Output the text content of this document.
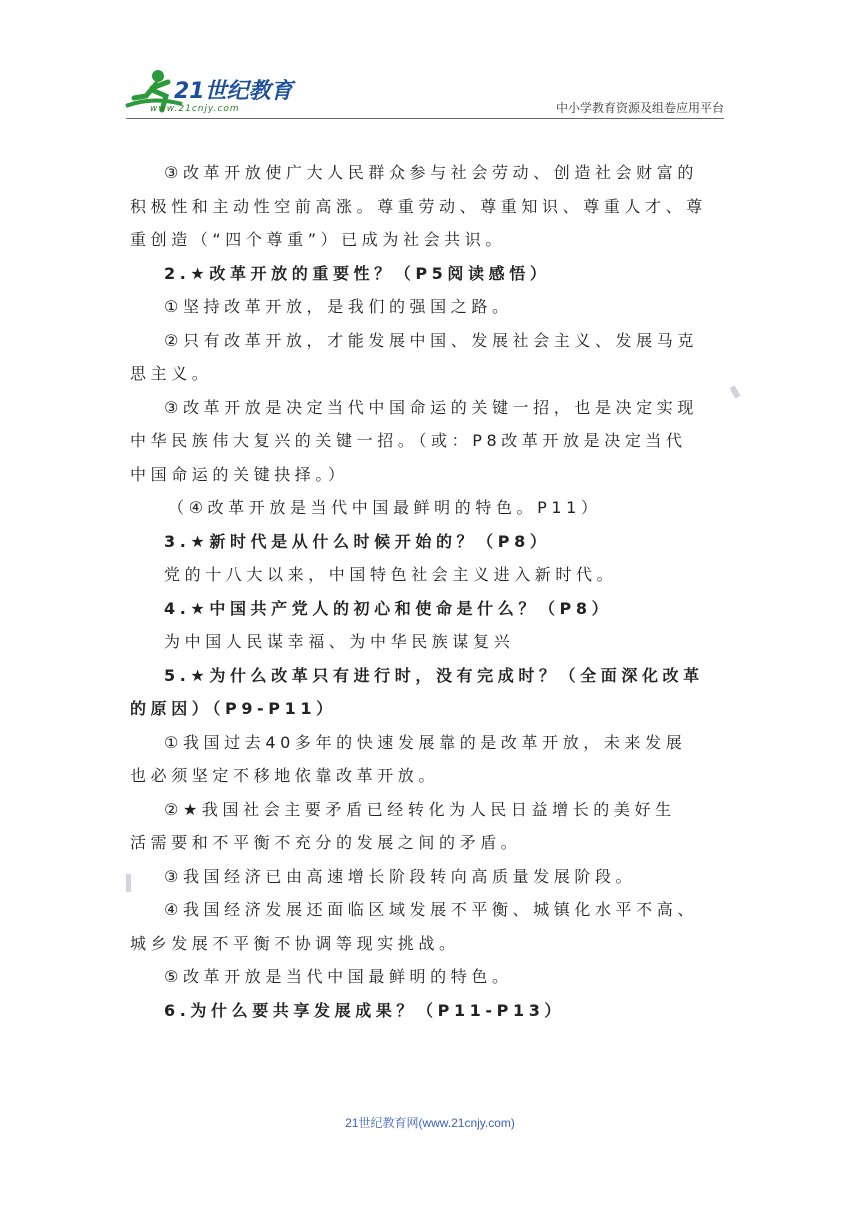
21世纪教育
www.21cnjy.com	中小学教育资源及组卷应用平台
③改革开放使广大人民群众参与社会劳动、创造社会财富的
积极性和主动性空前高涨。尊重劳动、尊重知识、尊重人才、尊
重创造（“四个尊重”）已成为社会共识。
2.★改革开放的重要性？（P5阅读感悟）
①坚持改革开放，是我们的强国之路。
②只有改革开放，才能发展中国、发展社会主义、发展马克
思主义。
③改革开放是决定当代中国命运的关键一招，也是决定实现
中华民族伟大复兴的关键一招。（或：P8改革开放是决定当代
中国命运的关键抉择。）
（④改革开放是当代中国最鲜明的特色。P11）
3.★新时代是从什么时候开始的？（P8）
党的十八大以来，中国特色社会主义进入新时代。
4.★中国共产党人的初心和使命是什么？（P8）
为中国人民谋幸福、为中华民族谋复兴
5.★为什么改革只有进行时，没有完成时？（全面深化改革
的原因）（P9-P11）
①我国过去40多年的快速发展靠的是改革开放，未来发展
也必须坚定不移地依靠改革开放。
②★我国社会主要矛盾已经转化为人民日益增长的美好生
活需要和不平衡不充分的发展之间的矛盾。
③我国经济已由高速增长阶段转向高质量发展阶段。
④我国经济发展还面临区域发展不平衡、城镇化水平不高、
城乡发展不平衡不协调等现实挑战。
⑤改革开放是当代中国最鲜明的特色。
6.为什么要共享发展成果？（P11-P13）
21世纪教育网(www.21cnjy.com)
